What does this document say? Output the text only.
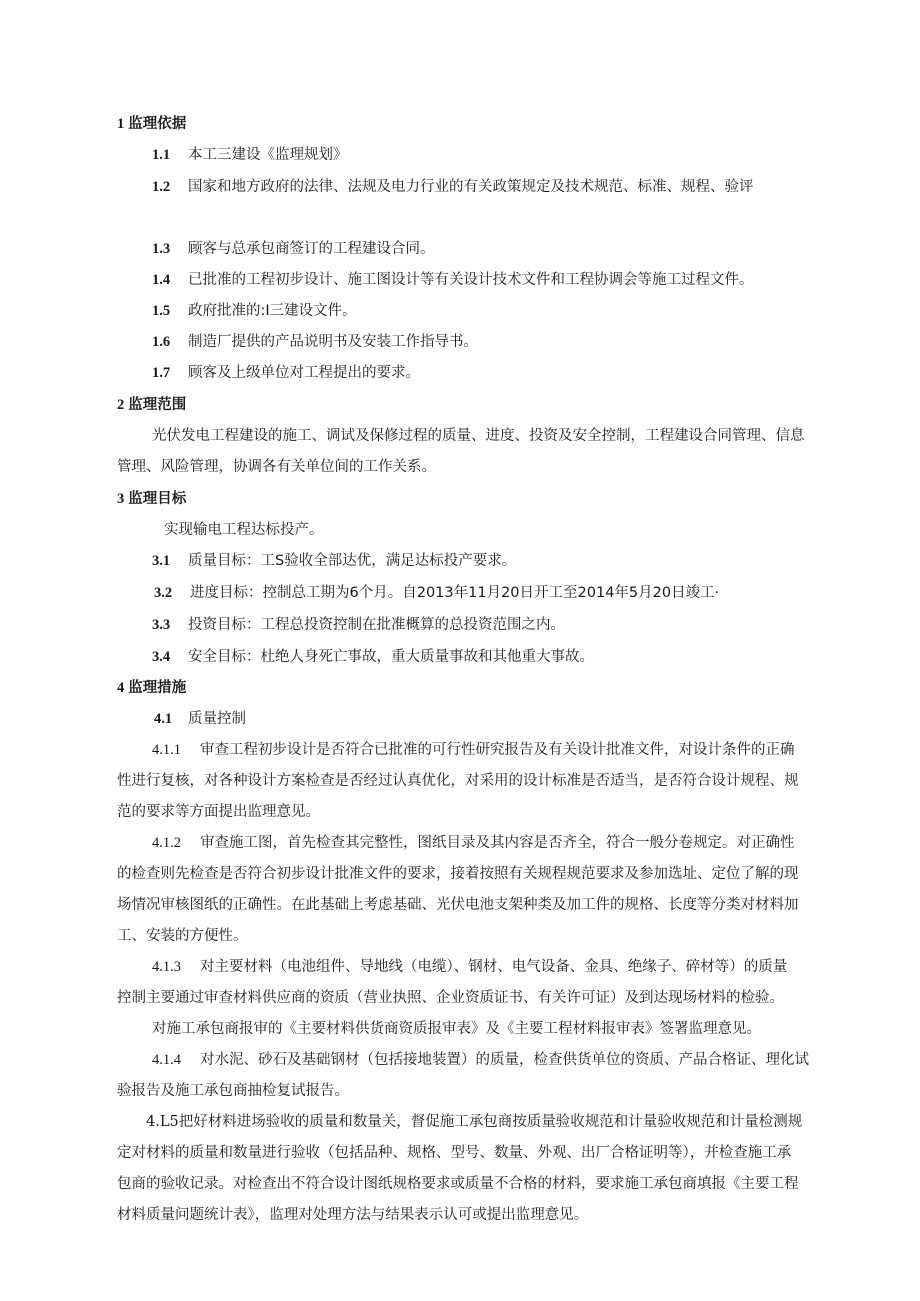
1 监理依据
1.1 本工三建设《监理规划》
1.2 国家和地方政府的法律、法规及电力行业的有关政策规定及技术规范、标准、规程、验评
1.3 顾客与总承包商签订的工程建设合同。
1.4 已批准的工程初步设计、施工图设计等有关设计技术文件和工程协调会等施工过程文件。
1.5 政府批准的:I三建设文件。
1.6 制造厂提供的产品说明书及安装工作指导书。
1.7 顾客及上级单位对工程提出的要求。
2 监理范围
光伏发电工程建设的施工、调试及保修过程的质量、进度、投资及安全控制，工程建设合同管理、信息
管理、风险管理，协调各有关单位间的工作关系。
3 监理目标
实现输电工程达标投产。
3.1 质量目标：工S验收全部达优，满足达标投产要求。
3.2 进度目标：控制总工期为6个月。自2013年11月20日开工至2014年5月20日竣工·
3.3 投资目标：工程总投资控制在批准概算的总投资范围之内。
3.4 安全目标：杜绝人身死亡事故，重大质量事故和其他重大事故。
4 监理措施
4.1 质量控制
4.1.1 审查工程初步设计是否符合已批准的可行性研究报告及有关设计批准文件，对设计条件的正确
性进行复核，对各种设计方案检查是否经过认真优化，对采用的设计标准是否适当，是否符合设计规程、规
范的要求等方面提出监理意见。
4.1.2 审查施工图，首先检查其完整性，图纸目录及其内容是否齐全，符合一般分卷规定。对正确性
的检查则先检查是否符合初步设计批准文件的要求，接着按照有关规程规范要求及参加选址、定位了解的现
场情况审核图纸的正确性。在此基础上考虑基础、光伏电池支架种类及加工件的规格、长度等分类对材料加
工、安装的方便性。
4.1.3 对主要材料（电池组件、导地线（电缆）、钢材、电气设备、金具、绝缘子、碎材等）的质量
控制主要通过审查材料供应商的资质（营业执照、企业资质证书、有关许可证）及到达现场材料的检验。
对施工承包商报审的《主要材料供货商资质报审表》及《主要工程材料报审表》签署监理意见。
4.1.4 对水泥、砂石及基础钢材（包括接地装置）的质量，检查供货单位的资质、产品合格证、理化试
验报告及施工承包商抽检复试报告。
4.L5把好材料进场验收的质量和数量关，督促施工承包商按质量验收规范和计量验收规范和计量检测规
定对材料的质量和数量进行验收（包括品种、规格、型号、数量、外观、出厂合格证明等），并检查施工承
包商的验收记录。对检查出不符合设计图纸规格要求或质量不合格的材料，要求施工承包商填报《主要工程
材料质量问题统计表》，监理对处理方法与结果表示认可或提出监理意见。
